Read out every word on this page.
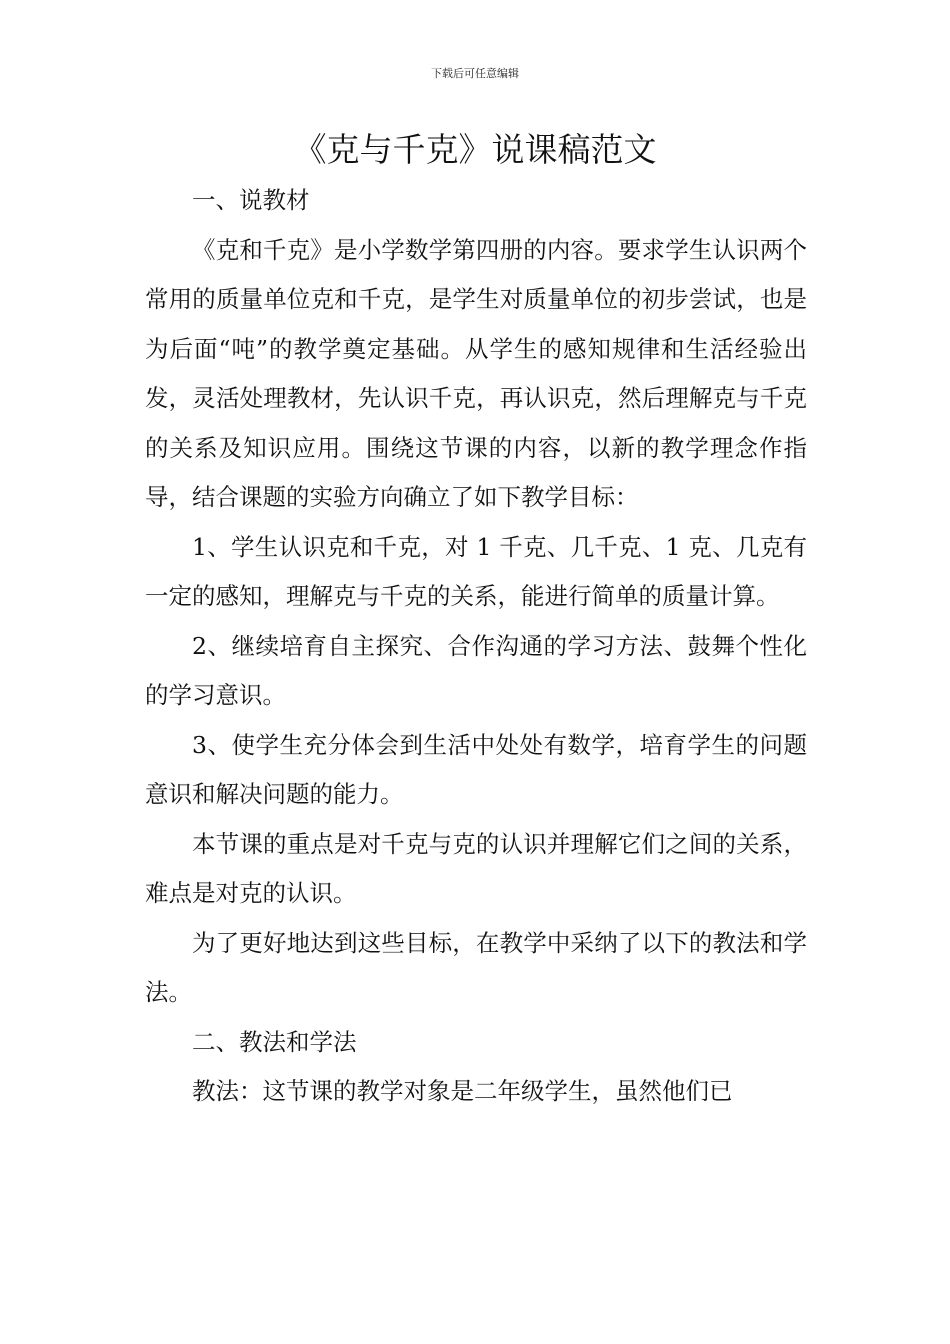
下载后可任意编辑
《克与千克》说课稿范文

一、说教材

《克和千克》是小学数学第四册的内容。要求学生认识两个常用的质量单位克和千克，是学生对质量单位的初步尝试，也是为后面“吨”的教学奠定基础。从学生的感知规律和生活经验出发，灵活处理教材，先认识千克，再认识克，然后理解克与千克的关系及知识应用。围绕这节课的内容，以新的教学理念作指导，结合课题的实验方向确立了如下教学目标：

1、学生认识克和千克，对 1 千克、几千克、1 克、几克有一定的感知，理解克与千克的关系，能进行简单的质量计算。

2、继续培育自主探究、合作沟通的学习方法、鼓舞个性化的学习意识。

3、使学生充分体会到生活中处处有数学，培育学生的问题意识和解决问题的能力。

本节课的重点是对千克与克的认识并理解它们之间的关系，难点是对克的认识。

为了更好地达到这些目标，在教学中采纳了以下的教法和学法。

二、教法和学法

教法：这节课的教学对象是二年级学生，虽然他们已
